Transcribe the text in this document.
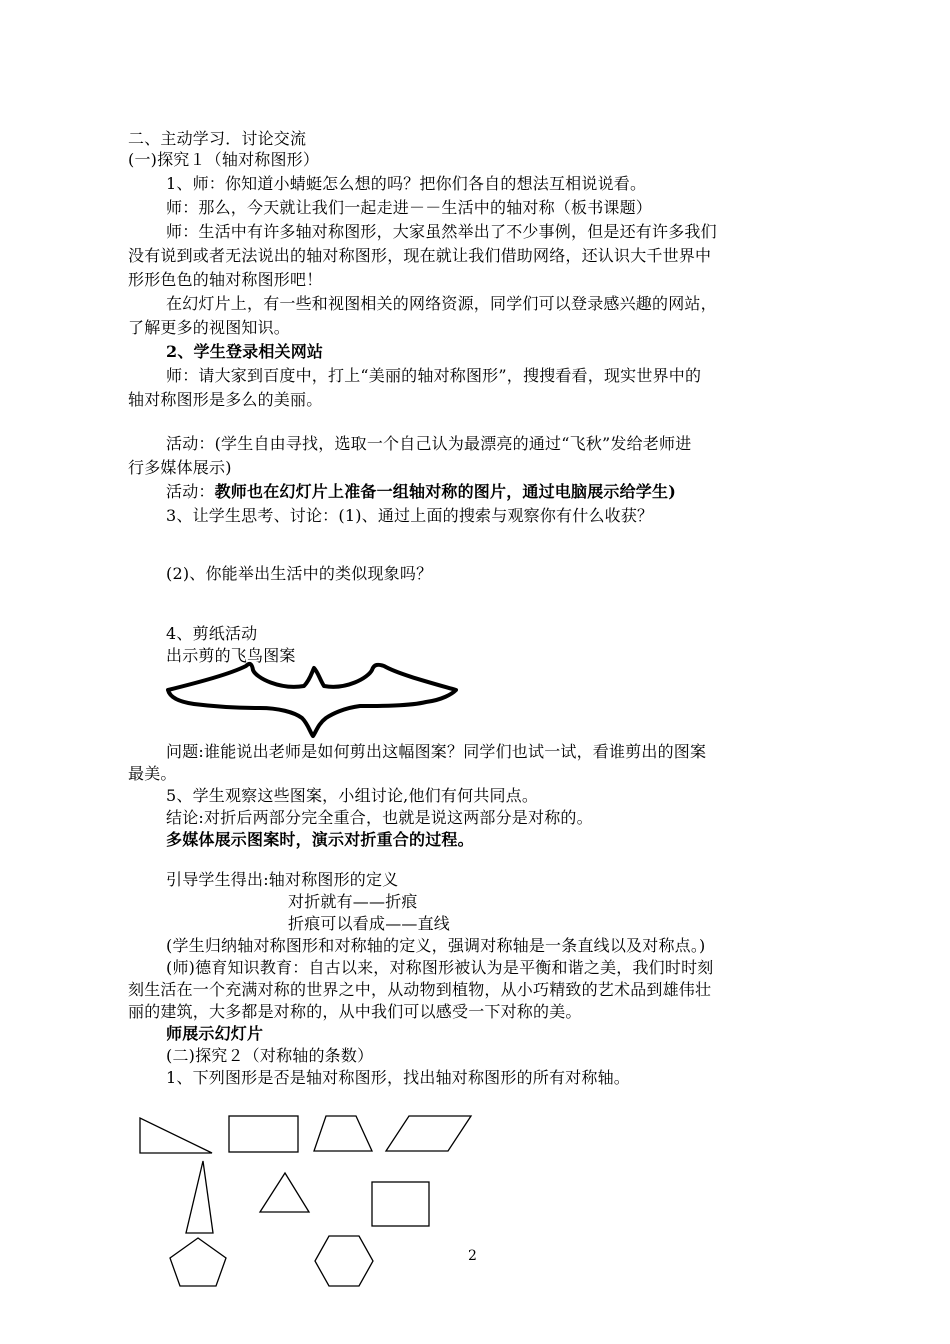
二、主动学习．讨论交流
(一)探究１（轴对称图形）
1、师：你知道小蜻蜓怎么想的吗？把你们各自的想法互相说说看。
师：那么，今天就让我们一起走进－－生活中的轴对称（板书课题）
师：生活中有许多轴对称图形，大家虽然举出了不少事例，但是还有许多我们
没有说到或者无法说出的轴对称图形，现在就让我们借助网络，还认识大千世界中
形形色色的轴对称图形吧！
在幻灯片上，有一些和视图相关的网络资源，同学们可以登录感兴趣的网站，
了解更多的视图知识。
2、学生登录相关网站
师：请大家到百度中，打上“美丽的轴对称图形”，搜搜看看，现实世界中的
轴对称图形是多么的美丽。
活动：(学生自由寻找，选取一个自己认为最漂亮的通过“飞秋”发给老师进
行多媒体展示)
活动：教师也在幻灯片上准备一组轴对称的图片，通过电脑展示给学生)
3、让学生思考、讨论：(1)、通过上面的搜索与观察你有什么收获？
(2)、你能举出生活中的类似现象吗？
4、剪纸活动
出示剪的飞鸟图案
问题:谁能说出老师是如何剪出这幅图案？同学们也试一试，看谁剪出的图案
最美。
5、学生观察这些图案，小组讨论,他们有何共同点。
结论:对折后两部分完全重合，也就是说这两部分是对称的。
多媒体展示图案时，演示对折重合的过程。
引导学生得出:轴对称图形的定义
对折就有——折痕
折痕可以看成——直线
(学生归纳轴对称图形和对称轴的定义，强调对称轴是一条直线以及对称点。)
(师)德育知识教育：自古以来，对称图形被认为是平衡和谐之美，我们时时刻
刻生活在一个充满对称的世界之中，从动物到植物，从小巧精致的艺术品到雄伟壮
丽的建筑，大多都是对称的，从中我们可以感受一下对称的美。
师展示幻灯片
(二)探究２（对称轴的条数）
1、下列图形是否是轴对称图形，找出轴对称图形的所有对称轴。
2
